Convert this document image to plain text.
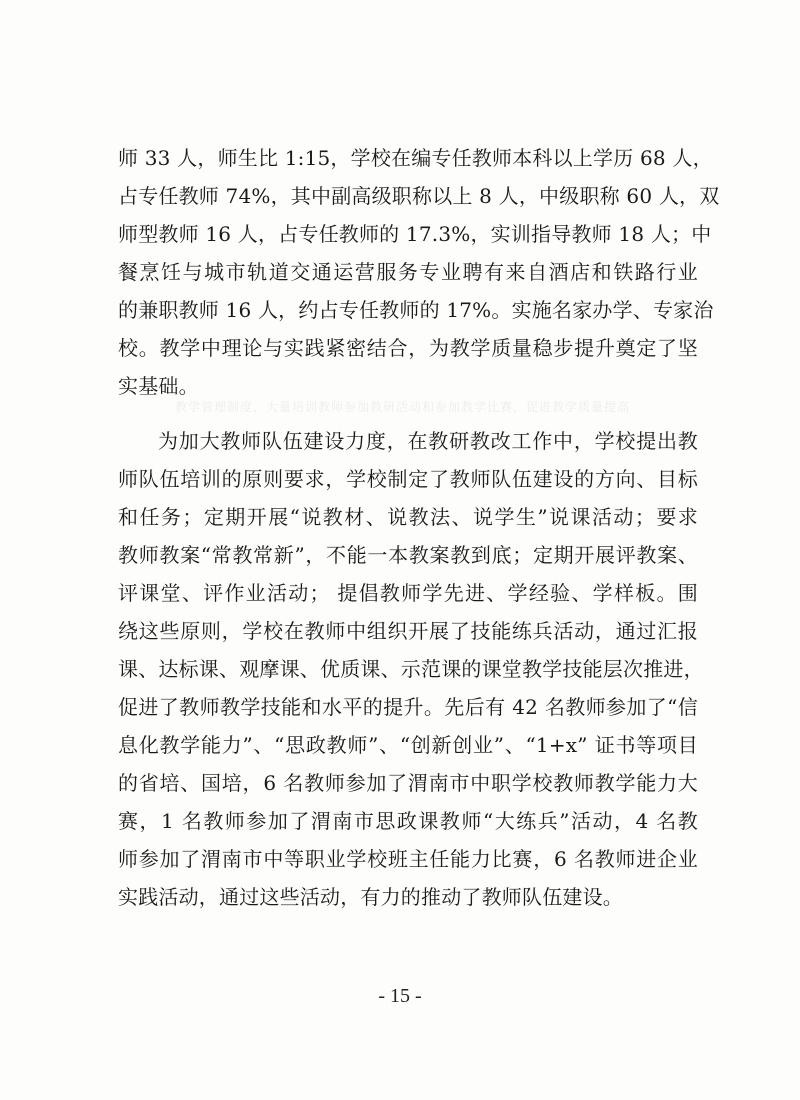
教学管理制度，大量培训教师参加教研活动和参加教学比赛，促进教学质量提高
师 33 人，师生比 1:15，学校在编专任教师本科以上学历 68 人，
占专任教师 74%，其中副高级职称以上 8 人，中级职称 60 人，双
师型教师 16 人，占专任教师的 17.3%，实训指导教师 18 人；中
餐烹饪与城市轨道交通运营服务专业聘有来自酒店和铁路行业
的兼职教师 16 人，约占专任教师的 17%。实施名家办学、专家治
校。教学中理论与实践紧密结合，为教学质量稳步提升奠定了坚
实基础。
为加大教师队伍建设力度，在教研教改工作中，学校提出教
师队伍培训的原则要求，学校制定了教师队伍建设的方向、目标
和任务；定期开展“说教材、说教法、说学生”说课活动；要求
教师教案“常教常新”，不能一本教案教到底；定期开展评教案、
评课堂、评作业活动； 提倡教师学先进、学经验、学样板。围
绕这些原则，学校在教师中组织开展了技能练兵活动，通过汇报
课、达标课、观摩课、优质课、示范课的课堂教学技能层次推进，
促进了教师教学技能和水平的提升。先后有 42 名教师参加了“信
息化教学能力”、“思政教师”、“创新创业”、“1+x” 证书等项目
的省培、国培，6 名教师参加了渭南市中职学校教师教学能力大
赛，1 名教师参加了渭南市思政课教师“大练兵”活动，4 名教
师参加了渭南市中等职业学校班主任能力比赛，6 名教师进企业
实践活动，通过这些活动，有力的推动了教师队伍建设。
- 15 -
